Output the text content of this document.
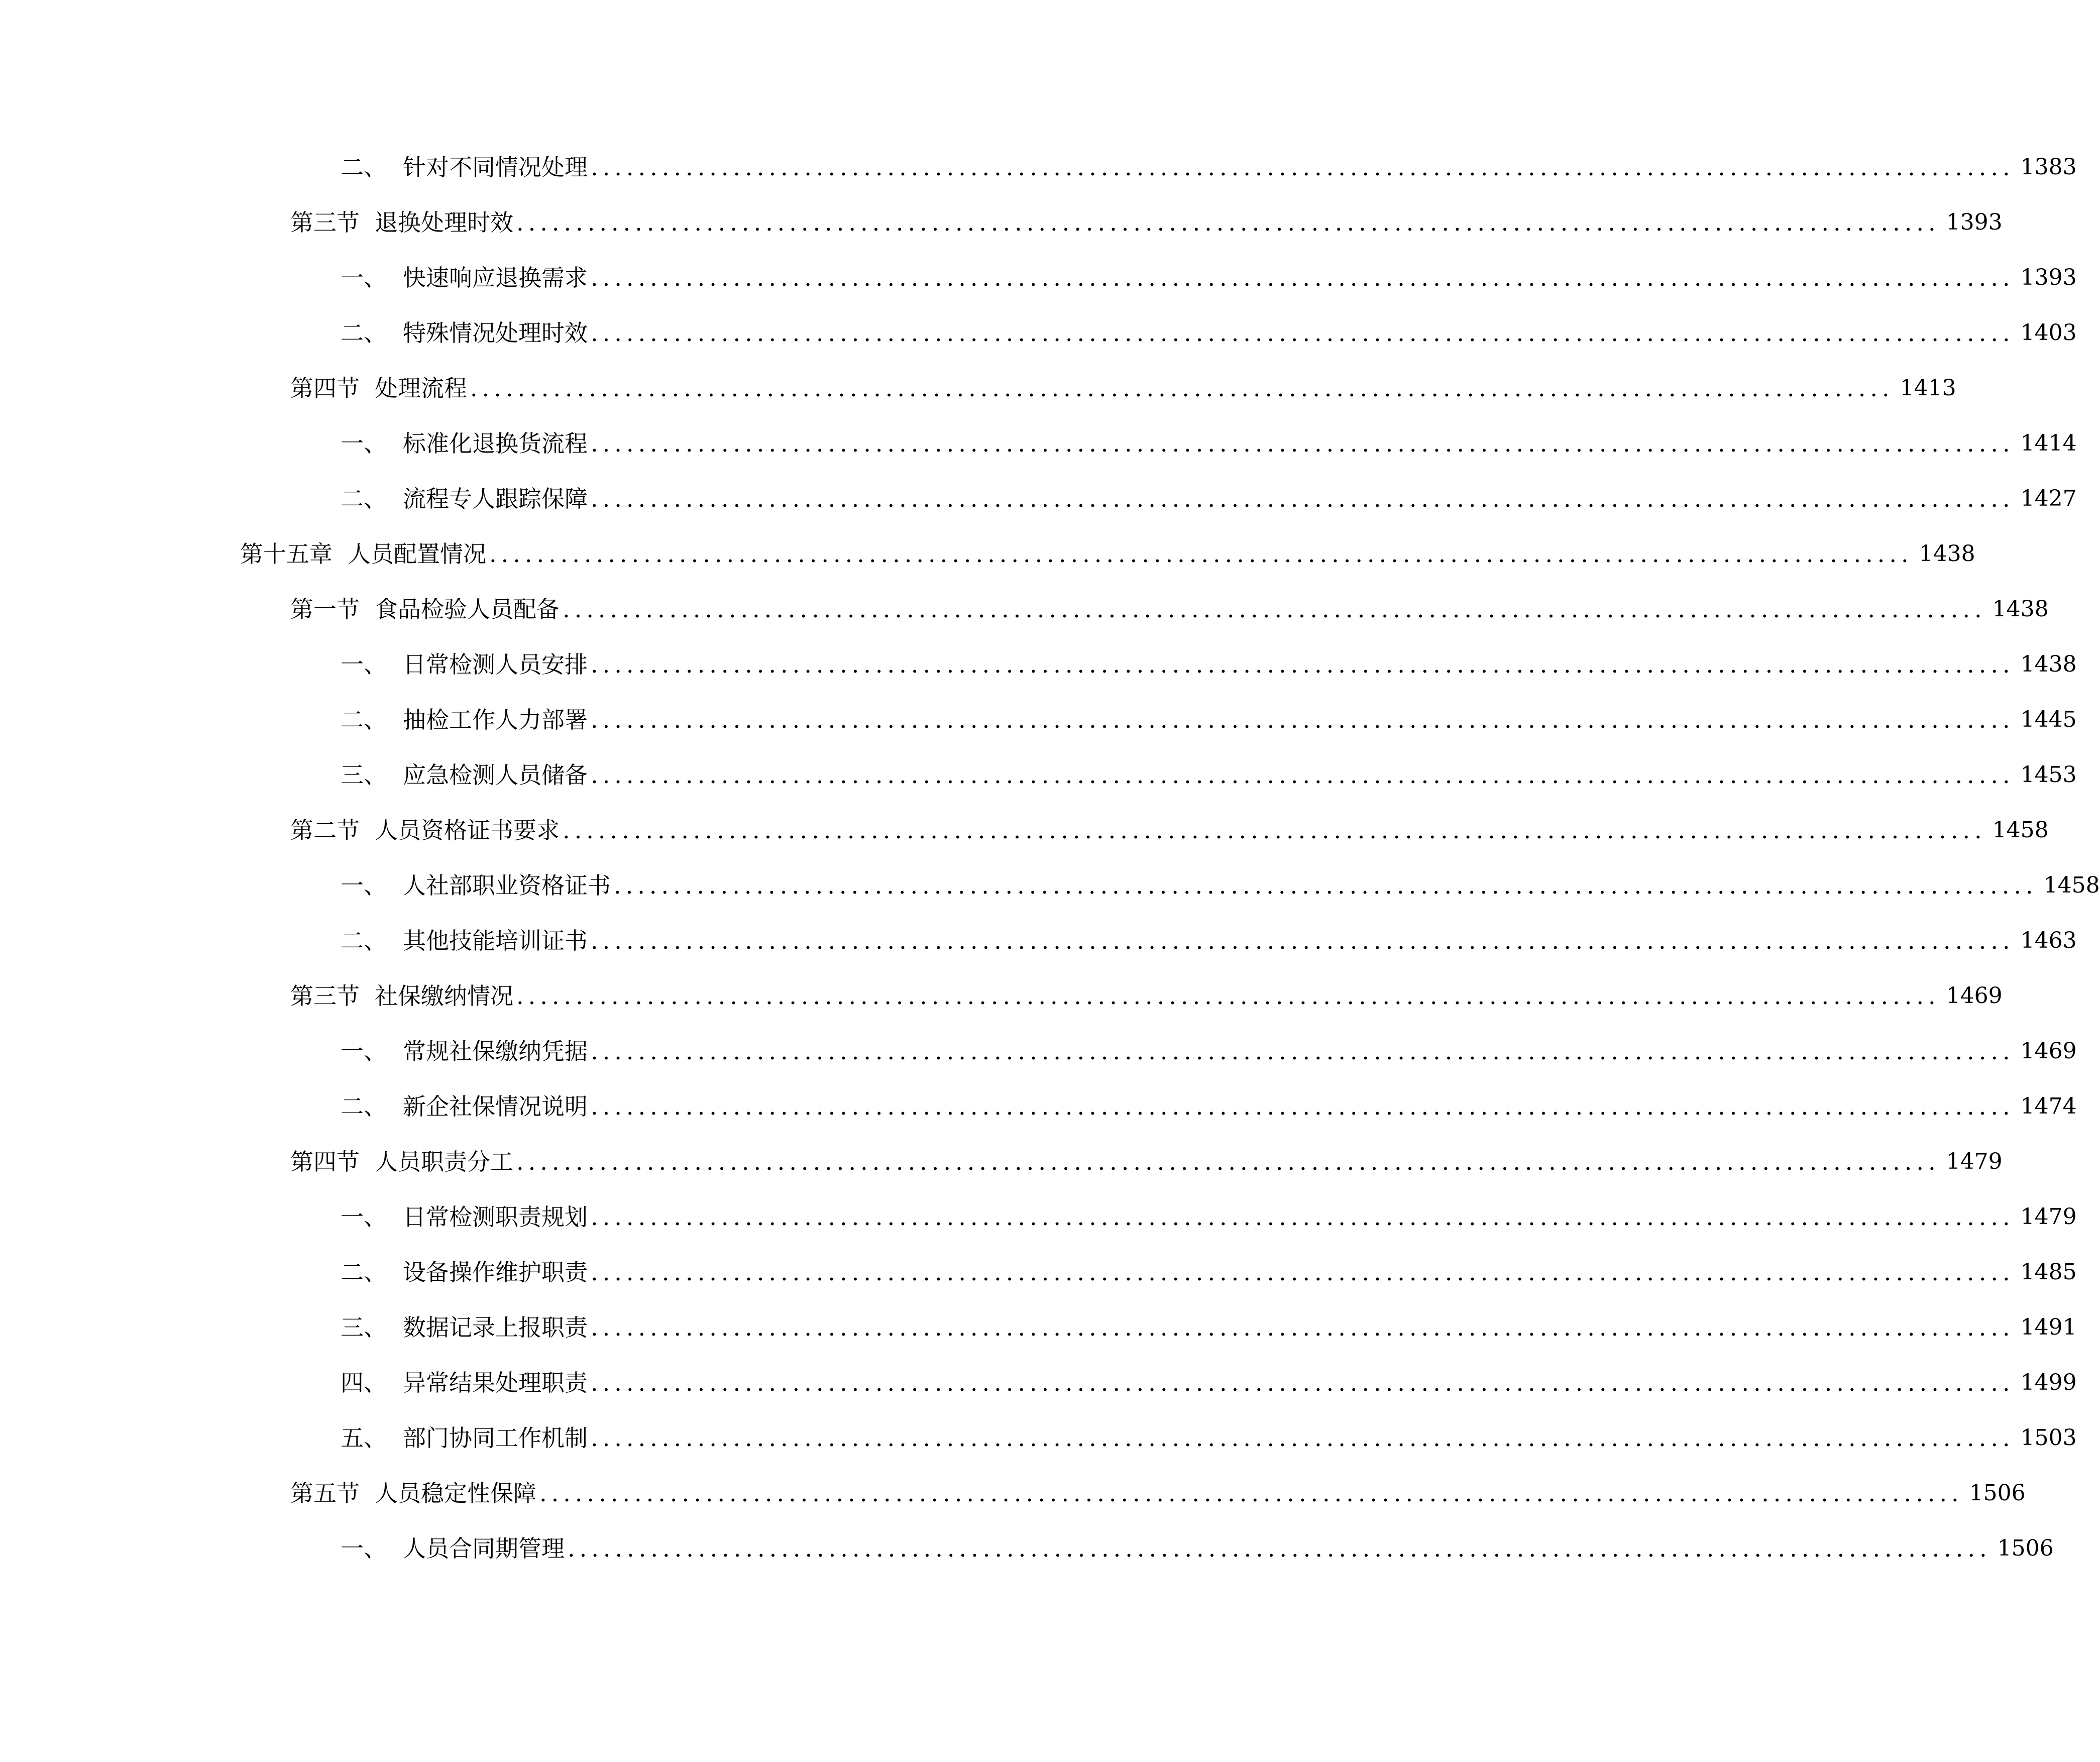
二、 针对不同情况处理 ........................................................................................................................ 1383
第三节 退换处理时效 ........................................................................................................................ 1393
一、 快速响应退换需求 ........................................................................................................................ 1393
二、 特殊情况处理时效 ........................................................................................................................ 1403
第四节 处理流程 ........................................................................................................................ 1413
一、 标准化退换货流程 ........................................................................................................................ 1414
二、 流程专人跟踪保障 ........................................................................................................................ 1427
第十五章 人员配置情况 ........................................................................................................................ 1438
第一节 食品检验人员配备 ........................................................................................................................ 1438
一、 日常检测人员安排 ........................................................................................................................ 1438
二、 抽检工作人力部署 ........................................................................................................................ 1445
三、 应急检测人员储备 ........................................................................................................................ 1453
第二节 人员资格证书要求 ........................................................................................................................ 1458
一、 人社部职业资格证书 ........................................................................................................................ 1458
二、 其他技能培训证书 ........................................................................................................................ 1463
第三节 社保缴纳情况 ........................................................................................................................ 1469
一、 常规社保缴纳凭据 ........................................................................................................................ 1469
二、 新企社保情况说明 ........................................................................................................................ 1474
第四节 人员职责分工 ........................................................................................................................ 1479
一、 日常检测职责规划 ........................................................................................................................ 1479
二、 设备操作维护职责 ........................................................................................................................ 1485
三、 数据记录上报职责 ........................................................................................................................ 1491
四、 异常结果处理职责 ........................................................................................................................ 1499
五、 部门协同工作机制 ........................................................................................................................ 1503
第五节 人员稳定性保障 ........................................................................................................................ 1506
一、 人员合同期管理 ........................................................................................................................ 1506
